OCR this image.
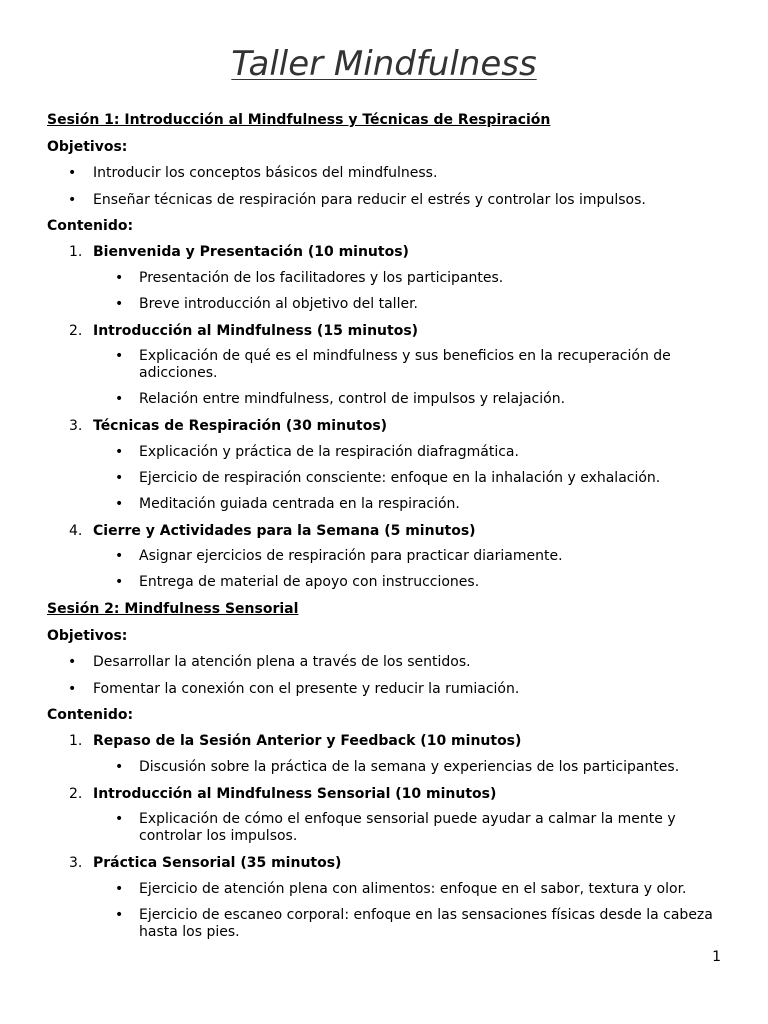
Taller Mindfulness
Sesión 1: Introducción al Mindfulness y Técnicas de Respiración
Objetivos:
• Introducir los conceptos básicos del mindfulness.
• Enseñar técnicas de respiración para reducir el estrés y controlar los impulsos.
Contenido:
1. Bienvenida y Presentación (10 minutos)
• Presentación de los facilitadores y los participantes.
• Breve introducción al objetivo del taller.
2. Introducción al Mindfulness (15 minutos)
• Explicación de qué es el mindfulness y sus beneficios en la recuperación de adicciones.
• Relación entre mindfulness, control de impulsos y relajación.
3. Técnicas de Respiración (30 minutos)
• Explicación y práctica de la respiración diafragmática.
• Ejercicio de respiración consciente: enfoque en la inhalación y exhalación.
• Meditación guiada centrada en la respiración.
4. Cierre y Actividades para la Semana (5 minutos)
• Asignar ejercicios de respiración para practicar diariamente.
• Entrega de material de apoyo con instrucciones.
Sesión 2: Mindfulness Sensorial
Objetivos:
• Desarrollar la atención plena a través de los sentidos.
• Fomentar la conexión con el presente y reducir la rumiación.
Contenido:
1. Repaso de la Sesión Anterior y Feedback (10 minutos)
• Discusión sobre la práctica de la semana y experiencias de los participantes.
2. Introducción al Mindfulness Sensorial (10 minutos)
• Explicación de cómo el enfoque sensorial puede ayudar a calmar la mente y controlar los impulsos.
3. Práctica Sensorial (35 minutos)
• Ejercicio de atención plena con alimentos: enfoque en el sabor, textura y olor.
• Ejercicio de escaneo corporal: enfoque en las sensaciones físicas desde la cabeza hasta los pies.
1
